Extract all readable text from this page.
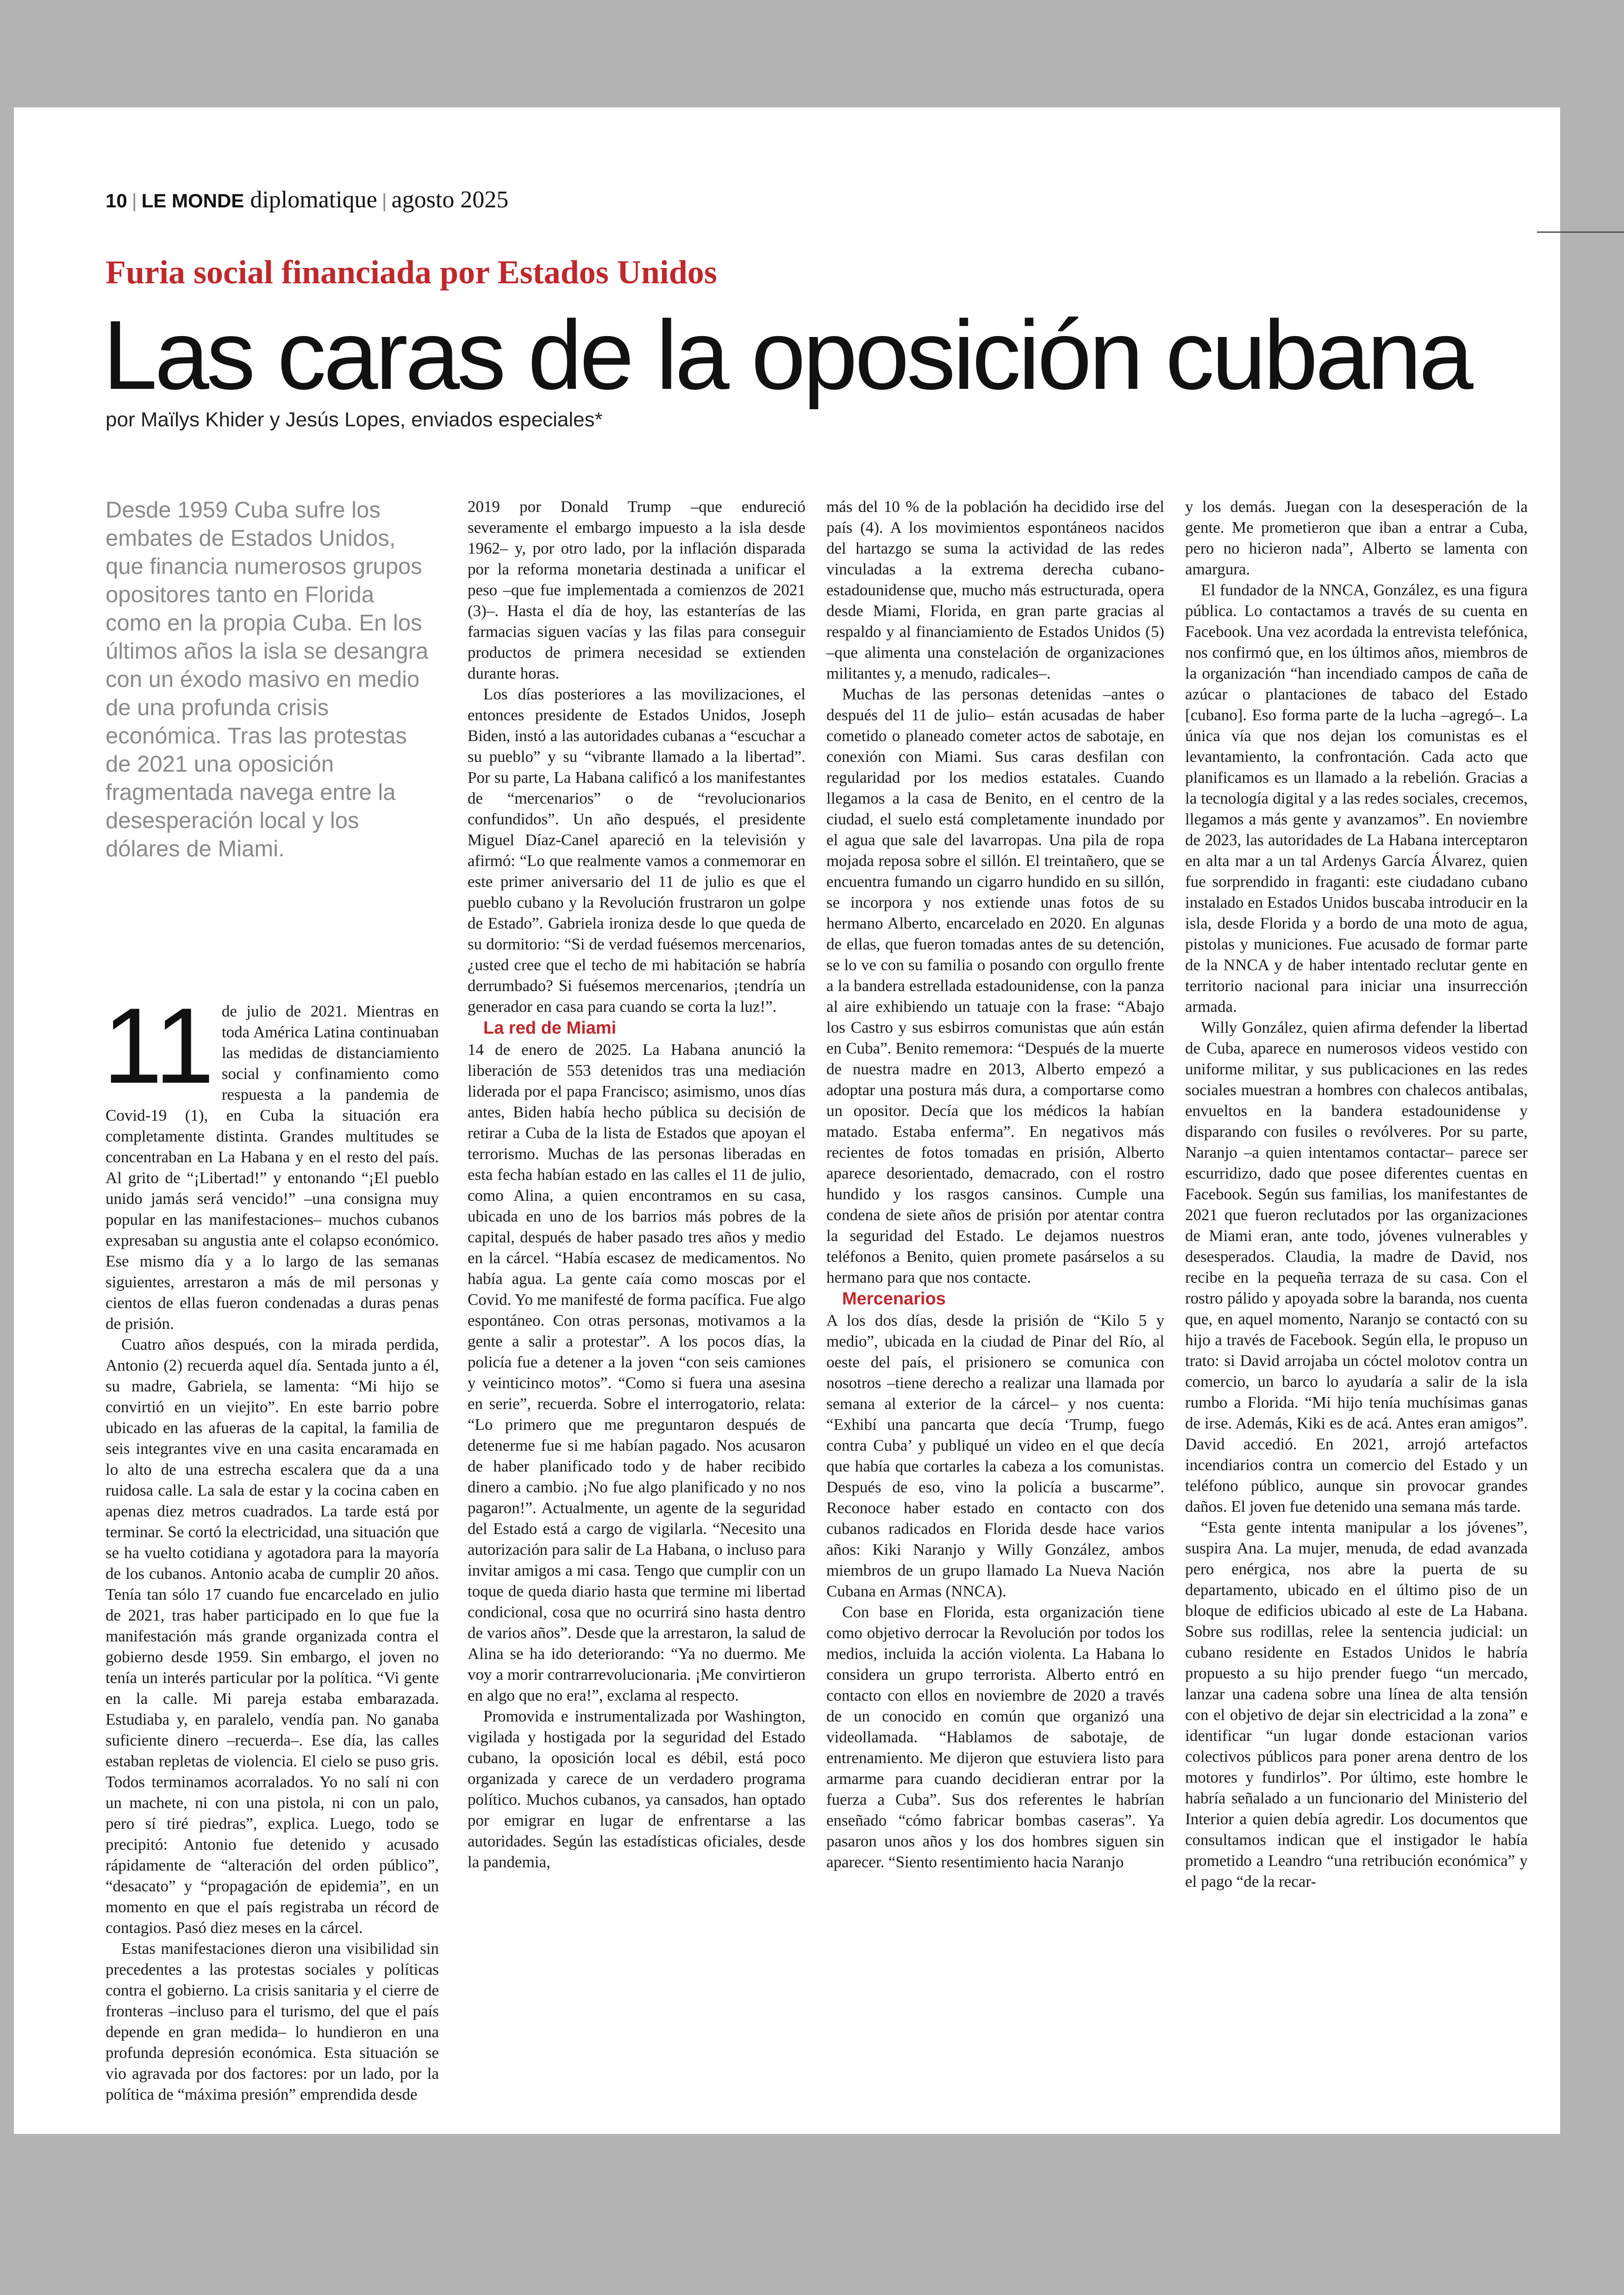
10 | LE MONDE diplomatique | agosto 2025
Furia social financiada por Estados Unidos
Las caras de la oposición cubana
por Maïlys Khider y Jesús Lopes, enviados especiales*
Desde 1959 Cuba sufre los embates de Estados Unidos, que financia numerosos grupos opositores tanto en Florida como en la propia Cuba. En los últimos años la isla se desangra con un éxodo masivo en medio de una profunda crisis económica. Tras las protestas de 2021 una oposición fragmentada navega entre la desesperación local y los dólares de Miami.

11 de julio de 2021. Mientras en toda América Latina continuaban las medidas de distanciamiento social y confinamiento como respuesta a la pandemia de Covid-19 (1), en Cuba la situación era completamente distinta. Grandes multitudes se concentraban en La Habana y en el resto del país. Al grito de “¡Libertad!” y entonando “¡El pueblo unido jamás será vencido!” –una consigna muy popular en las manifestaciones– muchos cubanos expresaban su angustia ante el colapso económico. Ese mismo día y a lo largo de las semanas siguientes, arrestaron a más de mil personas y cientos de ellas fueron condenadas a duras penas de prisión.

Cuatro años después, con la mirada perdida, Antonio (2) recuerda aquel día. Sentada junto a él, su madre, Gabriela, se lamenta: “Mi hijo se convirtió en un viejito”. En este barrio pobre ubicado en las afueras de la capital, la familia de seis integrantes vive en una casita encaramada en lo alto de una estrecha escalera que da a una ruidosa calle. La sala de estar y la cocina caben en apenas diez metros cuadrados. La tarde está por terminar. Se cortó la electricidad, una situación que se ha vuelto cotidiana y agotadora para la mayoría de los cubanos. Antonio acaba de cumplir 20 años. Tenía tan sólo 17 cuando fue encarcelado en julio de 2021, tras haber participado en lo que fue la manifestación más grande organizada contra el gobierno desde 1959. Sin embargo, el joven no tenía un interés particular por la política. “Vi gente en la calle. Mi pareja estaba embarazada. Estudiaba y, en paralelo, vendía pan. No ganaba suficiente dinero –recuerda–. Ese día, las calles estaban repletas de violencia. El cielo se puso gris. Todos terminamos acorralados. Yo no salí ni con un machete, ni con una pistola, ni con un palo, pero sí tiré piedras”, explica. Luego, todo se precipitó: Antonio fue detenido y acusado rápidamente de “alteración del orden público”, “desacato” y “propagación de epidemia”, en un momento en que el país registraba un récord de contagios. Pasó diez meses en la cárcel.

Estas manifestaciones dieron una visibilidad sin precedentes a las protestas sociales y políticas contra el gobierno. La crisis sanitaria y el cierre de fronteras –incluso para el turismo, del que el país depende en gran medida– lo hundieron en una profunda depresión económica. Esta situación se vio agravada por dos factores: por un lado, por la política de “máxima presión” emprendida desde

2019 por Donald Trump –que endureció severamente el embargo impuesto a la isla desde 1962– y, por otro lado, por la inflación disparada por la reforma monetaria destinada a unificar el peso –que fue implementada a comienzos de 2021 (3)–. Hasta el día de hoy, las estanterías de las farmacias siguen vacías y las filas para conseguir productos de primera necesidad se extienden durante horas.

Los días posteriores a las movilizaciones, el entonces presidente de Estados Unidos, Joseph Biden, instó a las autoridades cubanas a “escuchar a su pueblo” y su “vibrante llamado a la libertad”. Por su parte, La Habana calificó a los manifestantes de “mercenarios” o de “revolucionarios confundidos”. Un año después, el presidente Miguel Díaz-Canel apareció en la televisión y afirmó: “Lo que realmente vamos a conmemorar en este primer aniversario del 11 de julio es que el pueblo cubano y la Revolución frustraron un golpe de Estado”. Gabriela ironiza desde lo que queda de su dormitorio: “Si de verdad fuésemos mercenarios, ¿usted cree que el techo de mi habitación se habría derrumbado? Si fuésemos mercenarios, ¡tendría un generador en casa para cuando se corta la luz!”.

La red de Miami

14 de enero de 2025. La Habana anunció la liberación de 553 detenidos tras una mediación liderada por el papa Francisco; asimismo, unos días antes, Biden había hecho pública su decisión de retirar a Cuba de la lista de Estados que apoyan el terrorismo. Muchas de las personas liberadas en esta fecha habían estado en las calles el 11 de julio, como Alina, a quien encontramos en su casa, ubicada en uno de los barrios más pobres de la capital, después de haber pasado tres años y medio en la cárcel. “Había escasez de medicamentos. No había agua. La gente caía como moscas por el Covid. Yo me manifesté de forma pacífica. Fue algo espontáneo. Con otras personas, motivamos a la gente a salir a protestar”. A los pocos días, la policía fue a detener a la joven “con seis camiones y veinticinco motos”. “Como si fuera una asesina en serie”, recuerda. Sobre el interrogatorio, relata: “Lo primero que me preguntaron después de detenerme fue si me habían pagado. Nos acusaron de haber planificado todo y de haber recibido dinero a cambio. ¡No fue algo planificado y no nos pagaron!”. Actualmente, un agente de la seguridad del Estado está a cargo de vigilarla. “Necesito una autorización para salir de La Habana, o incluso para invitar amigos a mi casa. Tengo que cumplir con un toque de queda diario hasta que termine mi libertad condicional, cosa que no ocurrirá sino hasta dentro de varios años”. Desde que la arrestaron, la salud de Alina se ha ido deteriorando: “Ya no duermo. Me voy a morir contrarrevolucionaria. ¡Me convirtieron en algo que no era!”, exclama al respecto.

Promovida e instrumentalizada por Washington, vigilada y hostigada por la seguridad del Estado cubano, la oposición local es débil, está poco organizada y carece de un verdadero programa político. Muchos cubanos, ya cansados, han optado por emigrar en lugar de enfrentarse a las autoridades. Según las estadísticas oficiales, desde la pandemia,

más del 10 % de la población ha decidido irse del país (4). A los movimientos espontáneos nacidos del hartazgo se suma la actividad de las redes vinculadas a la extrema derecha cubano-estadounidense que, mucho más estructurada, opera desde Miami, Florida, en gran parte gracias al respaldo y al financiamiento de Estados Unidos (5) –que alimenta una constelación de organizaciones militantes y, a menudo, radicales–.

Muchas de las personas detenidas –antes o después del 11 de julio– están acusadas de haber cometido o planeado cometer actos de sabotaje, en conexión con Miami. Sus caras desfilan con regularidad por los medios estatales. Cuando llegamos a la casa de Benito, en el centro de la ciudad, el suelo está completamente inundado por el agua que sale del lavarropas. Una pila de ropa mojada reposa sobre el sillón. El treintañero, que se encuentra fumando un cigarro hundido en su sillón, se incorpora y nos extiende unas fotos de su hermano Alberto, encarcelado en 2020. En algunas de ellas, que fueron tomadas antes de su detención, se lo ve con su familia o posando con orgullo frente a la bandera estrellada estadounidense, con la panza al aire exhibiendo un tatuaje con la frase: “Abajo los Castro y sus esbirros comunistas que aún están en Cuba”. Benito rememora: “Después de la muerte de nuestra madre en 2013, Alberto empezó a adoptar una postura más dura, a comportarse como un opositor. Decía que los médicos la habían matado. Estaba enferma”. En negativos más recientes de fotos tomadas en prisión, Alberto aparece desorientado, demacrado, con el rostro hundido y los rasgos cansinos. Cumple una condena de siete años de prisión por atentar contra la seguridad del Estado. Le dejamos nuestros teléfonos a Benito, quien promete pasárselos a su hermano para que nos contacte.

Mercenarios

A los dos días, desde la prisión de “Kilo 5 y medio”, ubicada en la ciudad de Pinar del Río, al oeste del país, el prisionero se comunica con nosotros –tiene derecho a realizar una llamada por semana al exterior de la cárcel– y nos cuenta: “Exhibí una pancarta que decía ‘Trump, fuego contra Cuba’ y publiqué un video en el que decía que había que cortarles la cabeza a los comunistas. Después de eso, vino la policía a buscarme”. Reconoce haber estado en contacto con dos cubanos radicados en Florida desde hace varios años: Kiki Naranjo y Willy González, ambos miembros de un grupo llamado La Nueva Nación Cubana en Armas (NNCA).

Con base en Florida, esta organización tiene como objetivo derrocar la Revolución por todos los medios, incluida la acción violenta. La Habana lo considera un grupo terrorista. Alberto entró en contacto con ellos en noviembre de 2020 a través de un conocido en común que organizó una videollamada. “Hablamos de sabotaje, de entrenamiento. Me dijeron que estuviera listo para armarme para cuando decidieran entrar por la fuerza a Cuba”. Sus dos referentes le habrían enseñado “cómo fabricar bombas caseras”. Ya pasaron unos años y los dos hombres siguen sin aparecer. “Siento resentimiento hacia Naranjo

y los demás. Juegan con la desesperación de la gente. Me prometieron que iban a entrar a Cuba, pero no hicieron nada”, Alberto se lamenta con amargura.

El fundador de la NNCA, González, es una figura pública. Lo contactamos a través de su cuenta en Facebook. Una vez acordada la entrevista telefónica, nos confirmó que, en los últimos años, miembros de la organización “han incendiado campos de caña de azúcar o plantaciones de tabaco del Estado [cubano]. Eso forma parte de la lucha –agregó–. La única vía que nos dejan los comunistas es el levantamiento, la confrontación. Cada acto que planificamos es un llamado a la rebelión. Gracias a la tecnología digital y a las redes sociales, crecemos, llegamos a más gente y avanzamos”. En noviembre de 2023, las autoridades de La Habana interceptaron en alta mar a un tal Ardenys García Álvarez, quien fue sorprendido in fraganti: este ciudadano cubano instalado en Estados Unidos buscaba introducir en la isla, desde Florida y a bordo de una moto de agua, pistolas y municiones. Fue acusado de formar parte de la NNCA y de haber intentado reclutar gente en territorio nacional para iniciar una insurrección armada.

Willy González, quien afirma defender la libertad de Cuba, aparece en numerosos videos vestido con uniforme militar, y sus publicaciones en las redes sociales muestran a hombres con chalecos antibalas, envueltos en la bandera estadounidense y disparando con fusiles o revólveres. Por su parte, Naranjo –a quien intentamos contactar– parece ser escurridizo, dado que posee diferentes cuentas en Facebook. Según sus familias, los manifestantes de 2021 que fueron reclutados por las organizaciones de Miami eran, ante todo, jóvenes vulnerables y desesperados. Claudia, la madre de David, nos recibe en la pequeña terraza de su casa. Con el rostro pálido y apoyada sobre la baranda, nos cuenta que, en aquel momento, Naranjo se contactó con su hijo a través de Facebook. Según ella, le propuso un trato: si David arrojaba un cóctel molotov contra un comercio, un barco lo ayudaría a salir de la isla rumbo a Florida. “Mi hijo tenía muchísimas ganas de irse. Además, Kiki es de acá. Antes eran amigos”. David accedió. En 2021, arrojó artefactos incendiarios contra un comercio del Estado y un teléfono público, aunque sin provocar grandes daños. El joven fue detenido una semana más tarde.

“Esta gente intenta manipular a los jóvenes”, suspira Ana. La mujer, menuda, de edad avanzada pero enérgica, nos abre la puerta de su departamento, ubicado en el último piso de un bloque de edificios ubicado al este de La Habana. Sobre sus rodillas, relee la sentencia judicial: un cubano residente en Estados Unidos le habría propuesto a su hijo prender fuego “un mercado, lanzar una cadena sobre una línea de alta tensión con el objetivo de dejar sin electricidad a la zona” e identificar “un lugar donde estacionan varios colectivos públicos para poner arena dentro de los motores y fundirlos”. Por último, este hombre le habría señalado a un funcionario del Ministerio del Interior a quien debía agredir. Los documentos que consultamos indican que el instigador le había prometido a Leandro “una retribución económica” y el pago “de la recar-
